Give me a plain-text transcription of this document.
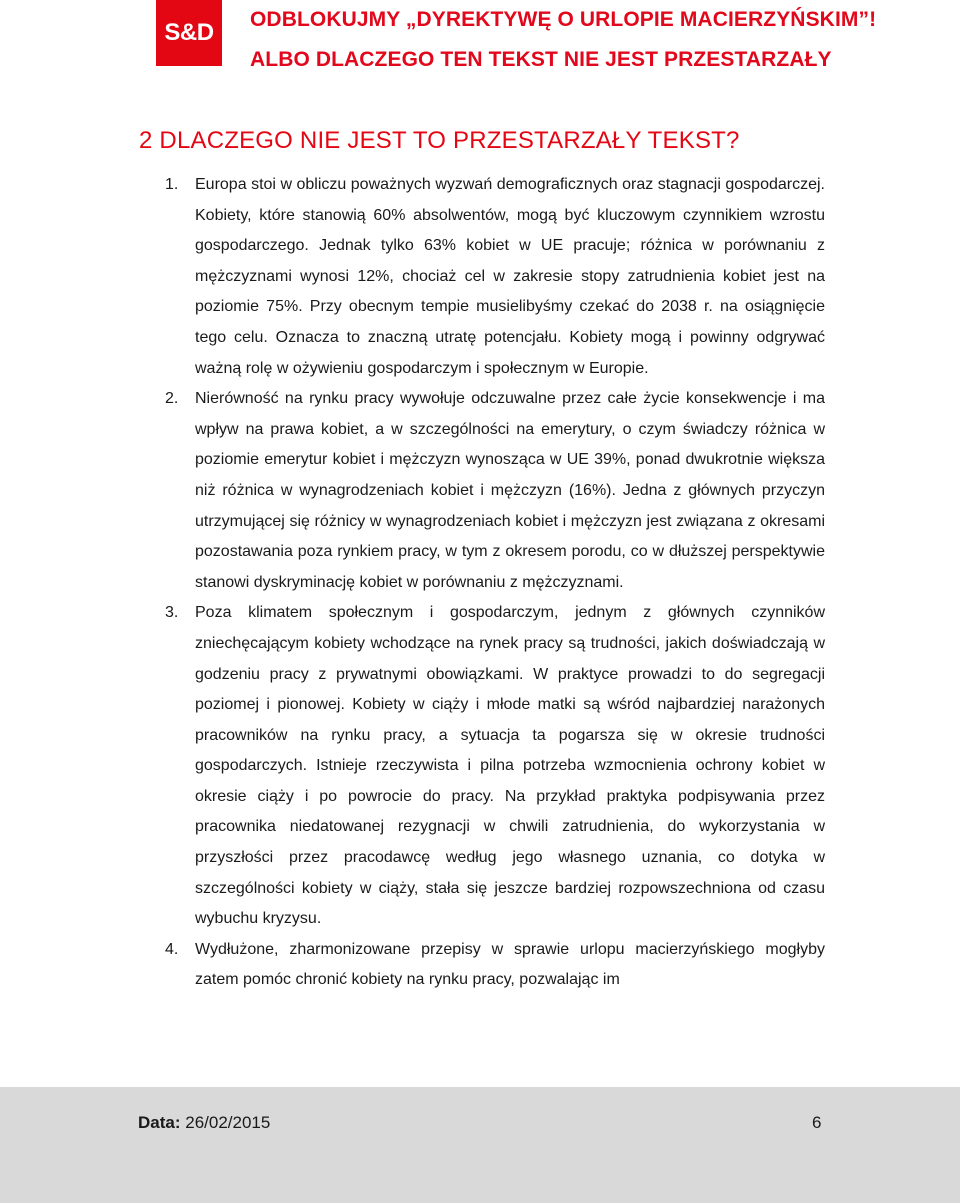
S&D	ODBLOKUJMY „DYREKTYWĘ O URLOPIE MACIERZYŃSKIM”!
ALBO DLACZEGO TEN TEKST NIE JEST PRZESTARZAŁY
2 DLACZEGO NIE JEST TO PRZESTARZAŁY TEKST?
1. Europa stoi w obliczu poważnych wyzwań demograficznych oraz stagnacji gospodarczej. Kobiety, które stanowią 60% absolwentów, mogą być kluczowym czynnikiem wzrostu gospodarczego. Jednak tylko 63% kobiet w UE pracuje; różnica w porównaniu z mężczyznami wynosi 12%, chociaż cel w zakresie stopy zatrudnienia kobiet jest na poziomie 75%. Przy obecnym tempie musielibyśmy czekać do 2038 r. na osiągnięcie tego celu. Oznacza to znaczną utratę potencjału. Kobiety mogą i powinny odgrywać ważną rolę w ożywieniu gospodarczym i społecznym w Europie.

2. Nierówność na rynku pracy wywołuje odczuwalne przez całe życie konsekwencje i ma wpływ na prawa kobiet, a w szczególności na emerytury, o czym świadczy różnica w poziomie emerytur kobiet i mężczyzn wynosząca w UE 39%, ponad dwukrotnie większa niż różnica w wynagrodzeniach kobiet i mężczyzn (16%). Jedna z głównych przyczyn utrzymującej się różnicy w wynagrodzeniach kobiet i mężczyzn jest związana z okresami pozostawania poza rynkiem pracy, w tym z okresem porodu, co w dłuższej perspektywie stanowi dyskryminację kobiet w porównaniu z mężczyznami.

3. Poza klimatem społecznym i gospodarczym, jednym z głównych czynników zniechęcającym kobiety wchodzące na rynek pracy są trudności, jakich doświadczają w godzeniu pracy z prywatnymi obowiązkami. W praktyce prowadzi to do segregacji poziomej i pionowej. Kobiety w ciąży i młode matki są wśród najbardziej narażonych pracowników na rynku pracy, a sytuacja ta pogarsza się w okresie trudności gospodarczych. Istnieje rzeczywista i pilna potrzeba wzmocnienia ochrony kobiet w okresie ciąży i po powrocie do pracy. Na przykład praktyka podpisywania przez pracownika niedatowanej rezygnacji w chwili zatrudnienia, do wykorzystania w przyszłości przez pracodawcę według jego własnego uznania, co dotyka w szczególności kobiety w ciąży, stała się jeszcze bardziej rozpowszechniona od czasu wybuchu kryzysu.

4. Wydłużone, zharmonizowane przepisy w sprawie urlopu macierzyńskiego mogłyby zatem pomóc chronić kobiety na rynku pracy, pozwalając im

Data: 26/02/2015	6
